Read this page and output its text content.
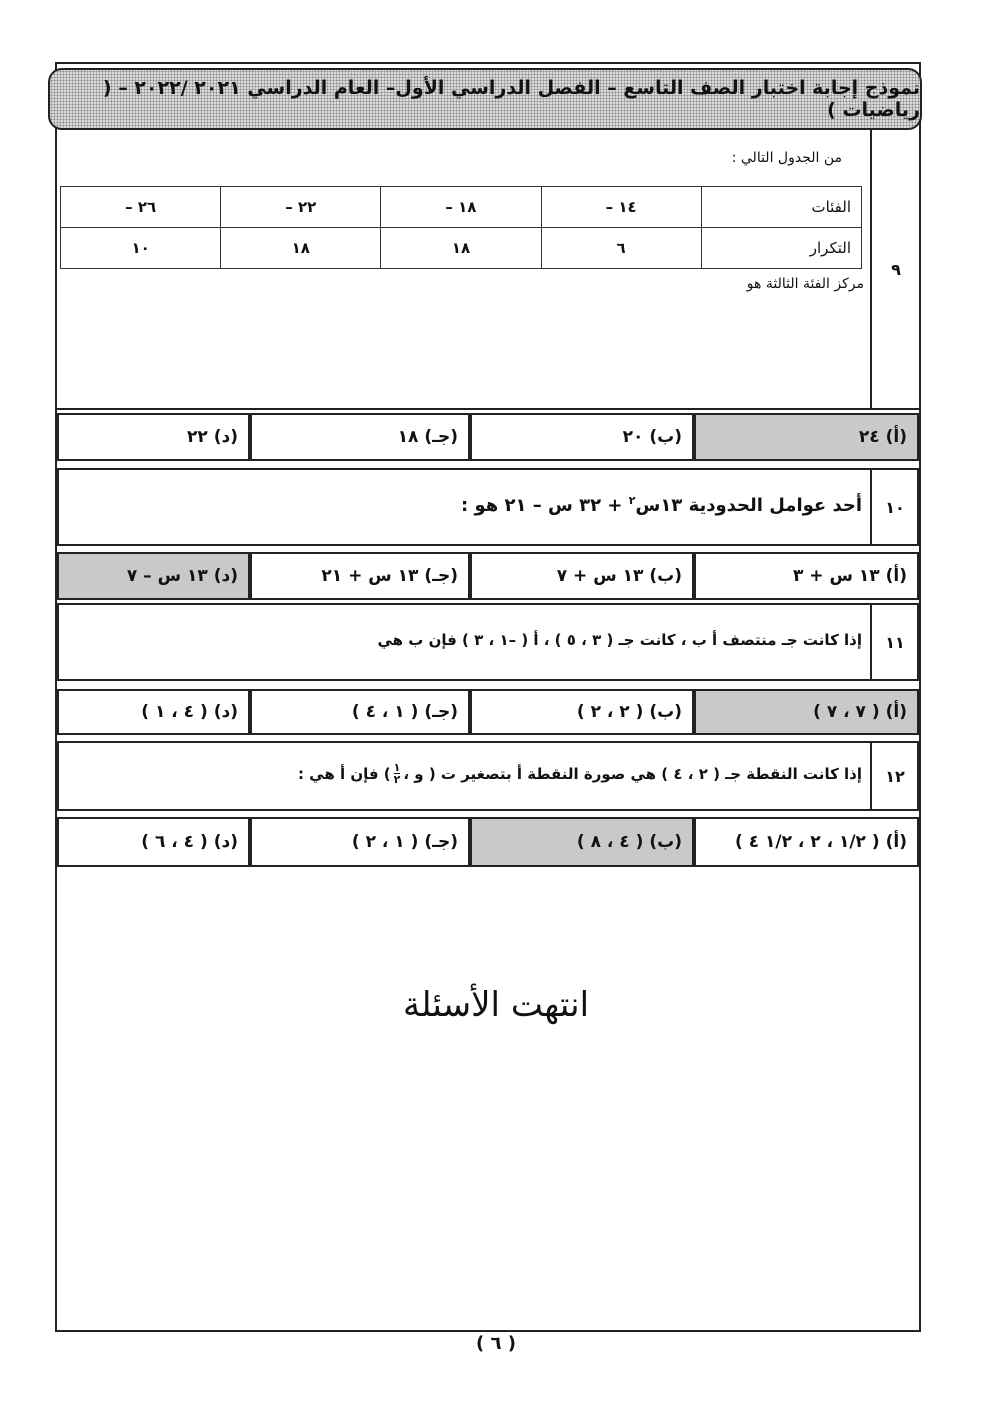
نموذج إجابة اختبار الصف التاسع – الفصل الدراسي الأول– العام الدراسي ٢٠٢١ /٢٠٢٢ – ( رياضيات )
٩
من الجدول التالي :
الفئات	١٤ –	١٨ –	٢٢ –	٢٦ –
التكرار	٦	١٨	١٨	١٠
مركز الفئة الثالثة هو
(أ)
٢٤
(ب)
٢٠
(جـ)
١٨
(د)
٢٢
١٠
أحد عوامل الحدودية ١٣س$^٢$ + ٣٢ س – ٢١ هو :
(أ)
١٣ س + ٣
(ب)
١٣ س + ٧
(جـ)
١٣ س + ٢١
(د)
١٣ س – ٧
١١
إذا كانت جـ منتصف أ ب ، كانت جـ ( ٣ ، ٥ ) ، أ ( –١ ، ٣ ) فإن ب هي
(أ)
( ٧ ، ٧ )
(ب)
( ٢ ، ٢ )
(جـ)
( ١ ، ٤ )
(د)
( ٤ ، ١ )
١٢
إذا كانت النقطة جـ ( ٢ ، ٤ ) هي صورة النقطة أ بتصغير ت ( و ،
١
٢
) فإن أ هي :
(أ)
( ١/٢ ، ٢ ، ١/٢ ٤ )
(ب)
( ٤ ، ٨ )
(جـ)
( ١ ، ٢ )
(د)
( ٤ ، ٦ )
انتهت الأسئلة
( ٦ )
